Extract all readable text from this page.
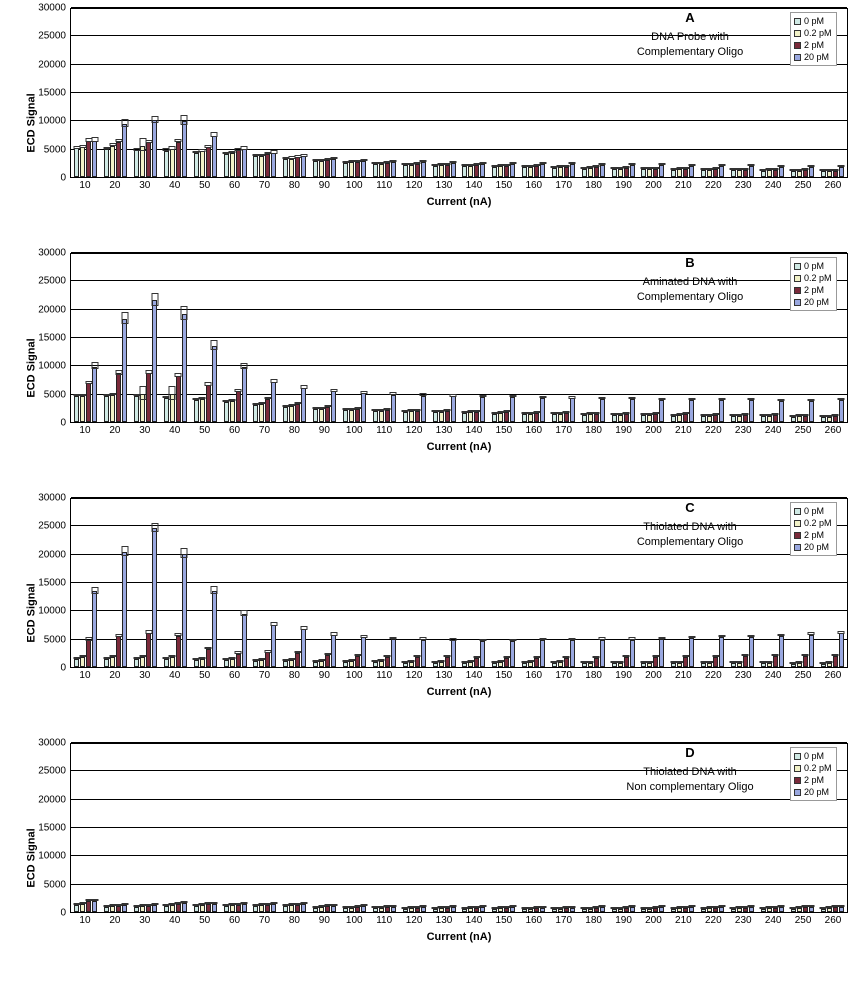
ECD Signal
0
5000
10000
15000
20000
25000
30000
10	20	30	40	50	60	70	80	90	100	110	120	130	140	150	160	170	180	190	200	210	220	230	240	250	260
Current (nA)
A
DNA Probe with
Complementary Oligo
0 pM
0.2 pM
2 pM
20 pM
ECD Signal
0
5000
10000
15000
20000
25000
30000
10	20	30	40	50	60	70	80	90	100	110	120	130	140	150	160	170	180	190	200	210	220	230	240	250	260
Current (nA)
B
Aminated DNA with
Complementary Oligo
0 pM
0.2 pM
2 pM
20 pM
ECD Signal
0
5000
10000
15000
20000
25000
30000
10	20	30	40	50	60	70	80	90	100	110	120	130	140	150	160	170	180	190	200	210	220	230	240	250	260
Current (nA)
C
Thiolated DNA with
Complementary Oligo
0 pM
0.2 pM
2 pM
20 pM
ECD Signal
0
5000
10000
15000
20000
25000
30000
10	20	30	40	50	60	70	80	90	100	110	120	130	140	150	160	170	180	190	200	210	220	230	240	250	260
Current (nA)
D
Thiolated DNA with
Non complementary Oligo
0 pM
0.2 pM
2 pM
20 pM
